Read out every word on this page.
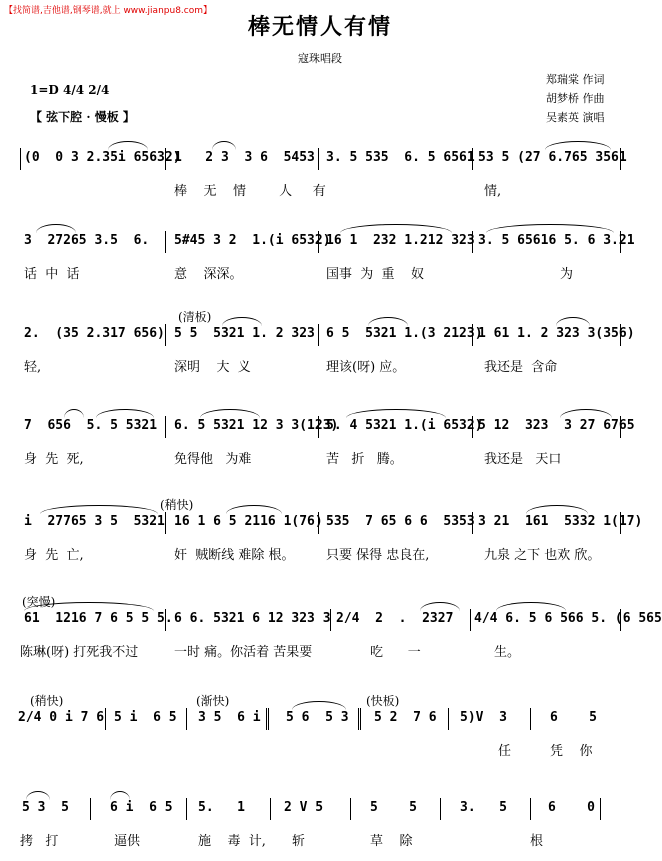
【找简谱,吉他谱,钢琴谱,就上 www.jianpu8.com】
棒无情人有情
寇珠唱段
1=D 4/4 2/4
【 弦下腔 · 慢板 】
郑瑞棠 作词
胡梦桥 作曲
吴素英 演唱
(0  0 3 2.35i 65632)
1   2 3  3 6  5453 3. 5 535  6. 5 6561 53 5 (27 6.765 3561
棒    无    情        人     有	情,
3  27265 3.5  6. 5#45 3 2  1.(i 6532)
16 1  232 1.212 323 3. 5 65616 5. 6 3.21
话  中  话	意    深深。	国事  为  重    奴	为
(清板)
2.  (35 2.317 656) 5 5  5321 1. 2 323 6 5  5321 1.(3 2123)
1 61 1. 2 323 3(356)
轻,	深明    大  义	理该(呀) 应。	我还是  含命
7  656  5. 5 5321 6. 5 5321 12 3 3(123)
5. 4 5321 1.(i 6532)
5 12  323  3 27 6765
身  先  死,	免得他   为难	苦   折   腾。	我还是   天口
(稍快)
i  27765 3 5  5321 16 1 6 5 2116 1(76) 535  7 65 6 6  5353 3 21  161  5332 1(17)
身  先  亡,	奸  贼断线 难除 根。 只要 保得 忠良在,	九泉 之下 也欢 欣。
(突慢)
61  1216 7 6 5 5 5. 6 6. 5321 6 12 323 3 2/4  2  .  2327 4/4 6. 5 6 566 5. (6 565
陈琳(呀) 打死我不过	一时 痛。你活着 苦果要	吃      一	生。
(稍快)	(渐快)	(快板)
2/4 0 i 7 6 5 i  6 5 3 5  6 i 5 6  5 3 5 2  7 6 5)V  3	6    5
任	凭    你
5 3  5	6 i  6 5 5.   1	2 V 5	5    5	3.   5	6    0
拷   打	逼供	施    毒  计, 斩	草    除	根
